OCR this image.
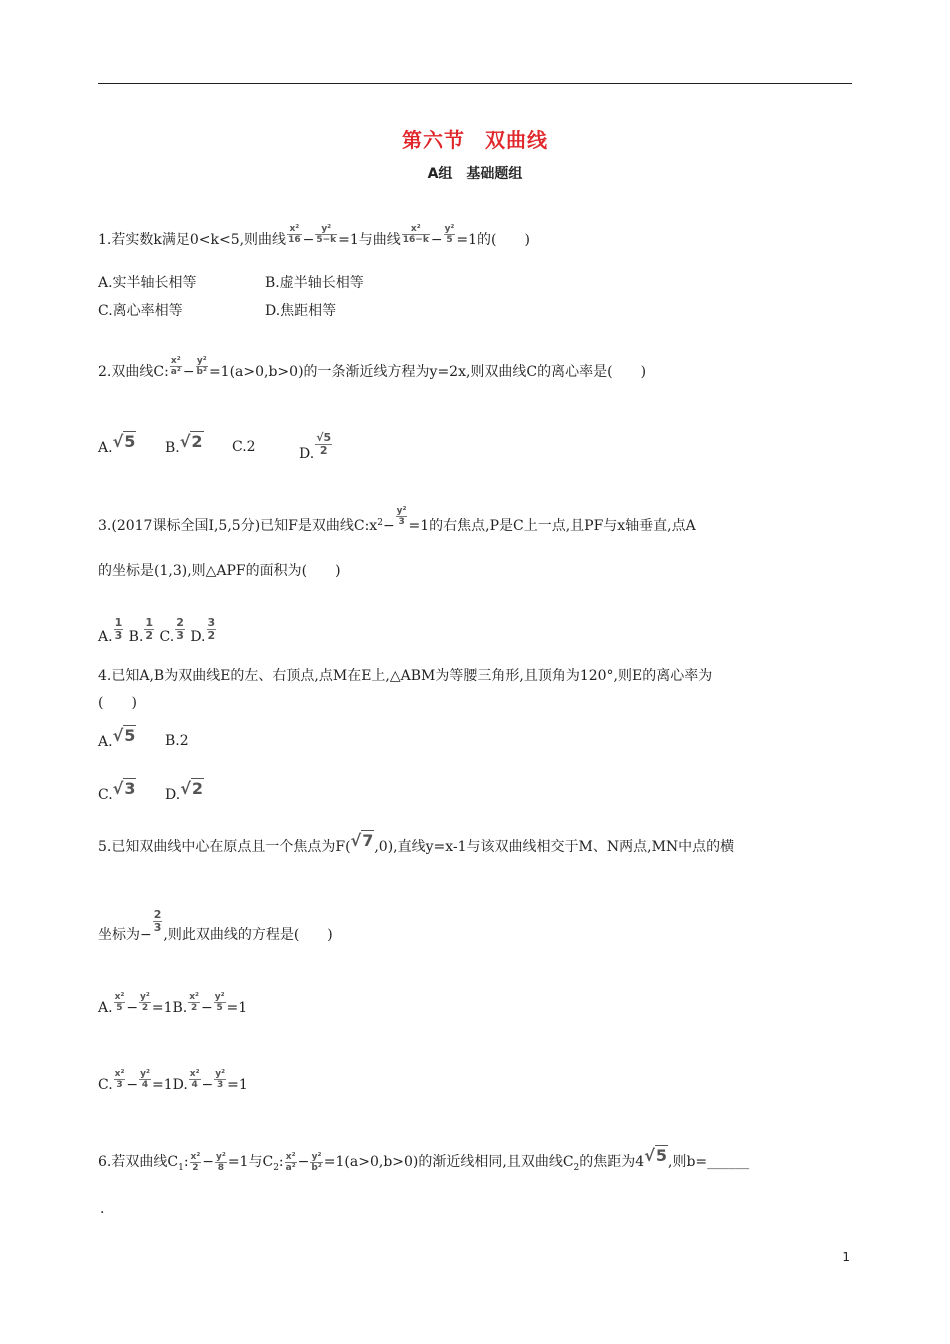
第六节 双曲线
A组 基础题组
1.若实数k满足0<k<5,则曲线 $\frac{\text{x²}}{16} - \frac{\text{y²}}{5-k} =1$与曲线 $\frac{\text{x²}}{16-k} - \frac{\text{y²}}{5} =1$的(　　)
A.实半轴长相等	B.虚半轴长相等
C.离心率相等	D.焦距相等
2.双曲线C: $\frac{\text{x²}}{\text{a²}} - \frac{\text{y²}}{\text{b²}} =1(a>0,b>0)$的一条渐近线方程为y=2x,则双曲线C的离心率是(　　)
A.√5 B.√2 C.2	D. $\frac{√5}{2}$
3.(2017课标全国Ⅰ,5,5分)已知F是双曲线$C:x^2- \frac{\text{y²}}{3} =1$的右焦点,P是C上一点,且PF与x轴垂直,点A
的坐标是(1,3),则△APF的面积为(　　)
A. $\frac{1}{3} B$. $\frac{1}{2} C$. $\frac{2}{3} D$. $\frac{3}{2}$
4.已知A,B为双曲线E的左、右顶点,点M在E上,△ABM为等腰三角形,且顶角为120°,则E的离心率为
(　　)
A.√5 B.2
C.√3 D.√2
5.已知双曲线中心在原点且一个焦点为F(√7,0),直线y=x-1与该双曲线相交于M、N两点,MN中点的横
坐标为−
$\frac{2}{3}$
,则此双曲线的方程是(　　)
A. $\frac{\text{x²}}{5} - \frac{\text{y²}}{2} =1B$. $\frac{\text{x²}}{2} - \frac{\text{y²}}{5} =1$
C. $\frac{\text{x²}}{3} - \frac{\text{y²}}{4} =1D$. $\frac{\text{x²}}{4} - \frac{\text{y²}}{3} =1$
6.若双曲线$C_1$: $\frac{\text{x²}}{2} - \frac{\text{y²}}{8} =1$与$C_2$: $\frac{\text{x²}}{\text{a²}} - \frac{\text{y²}}{\text{b²}} =1(a>0,b>0)$的渐近线相同,且双曲线$C_2$的焦距为4√5,则b=______
.
1
